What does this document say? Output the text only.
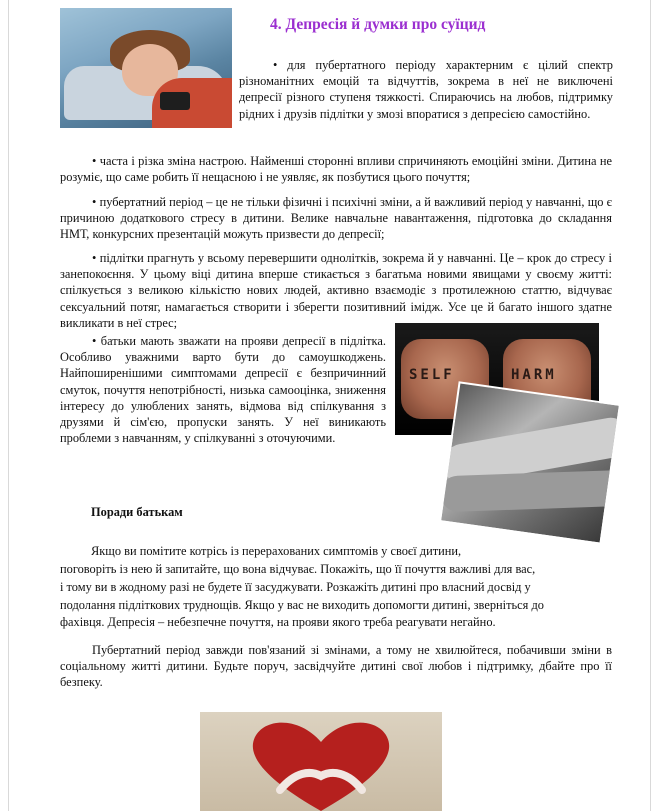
4. Депресія й думки про суїцид
• для пубертатного періоду характерним є цілий спектр різноманітних емоцій та відчуттів, зокрема в неї не виключені депресії різного ступеня тяжкості. Спираючись на любов, підтримку рідних і друзів підлітки у змозі впоратися з депресією самостійно.
• часта і різка зміна настрою. Найменші сторонні впливи спричиняють емоційні зміни. Дитина не розуміє, що саме робить її нещасною і не уявляє, як позбутися цього почуття;
• пубертатний період – це не тільки фізичні і психічні зміни, а й важливий період у навчанні, що є причиною додаткового стресу в дитини. Велике навчальне навантаження, підготовка до складання НМТ, конкурсних презентацій можуть призвести до депресії;
• підлітки прагнуть у всьому перевершити однолітків, зокрема й у навчанні. Це – крок до стресу і занепокоєння. У цьому віці дитина вперше стикається з багатьма новими явищами у своєму житті: спілкується з великою кількістю нових людей, активно взаємодіє з протилежною статтю, відчуває сексуальний потяг, намагається створити і зберегти позитивний імідж. Усе це й багато іншого здатне викликати в неї стрес;
• батьки мають зважати на прояви депресії в підлітка. Особливо уважними варто бути до самоушкоджень. Найпоширенішими симптомами депресії є безпричинний смуток, почуття непотрібності, низька самооцінка, зниження інтересу до улюблених занять, відмова від спілкування з друзями й сім'єю, пропуски занять. У неї виникають проблеми з навчанням, у спілкуванні з оточуючими.
SELF	HARM
Поради батькам
Якщо ви помітите котрісь із перерахованих симптомів у своєї дитини,
поговоріть із нею й запитайте, що вона відчуває. Покажіть, що її почуття важливі для вас,
і тому ви в жодному разі не будете її засуджувати. Розкажіть дитині про власний досвід у
подолання підліткових труднощів. Якщо у вас не виходить допомогти дитині, зверніться до
фахівця. Депресія – небезпечне почуття, на прояви якого треба реагувати негайно.
Пубертатний період завжди пов'язаний зі змінами, а тому не хвилюйтеся, побачивши зміни в соціальному житті дитини. Будьте поруч, засвідчуйте дитині свої любов і підтримку, дбайте про її безпеку.
